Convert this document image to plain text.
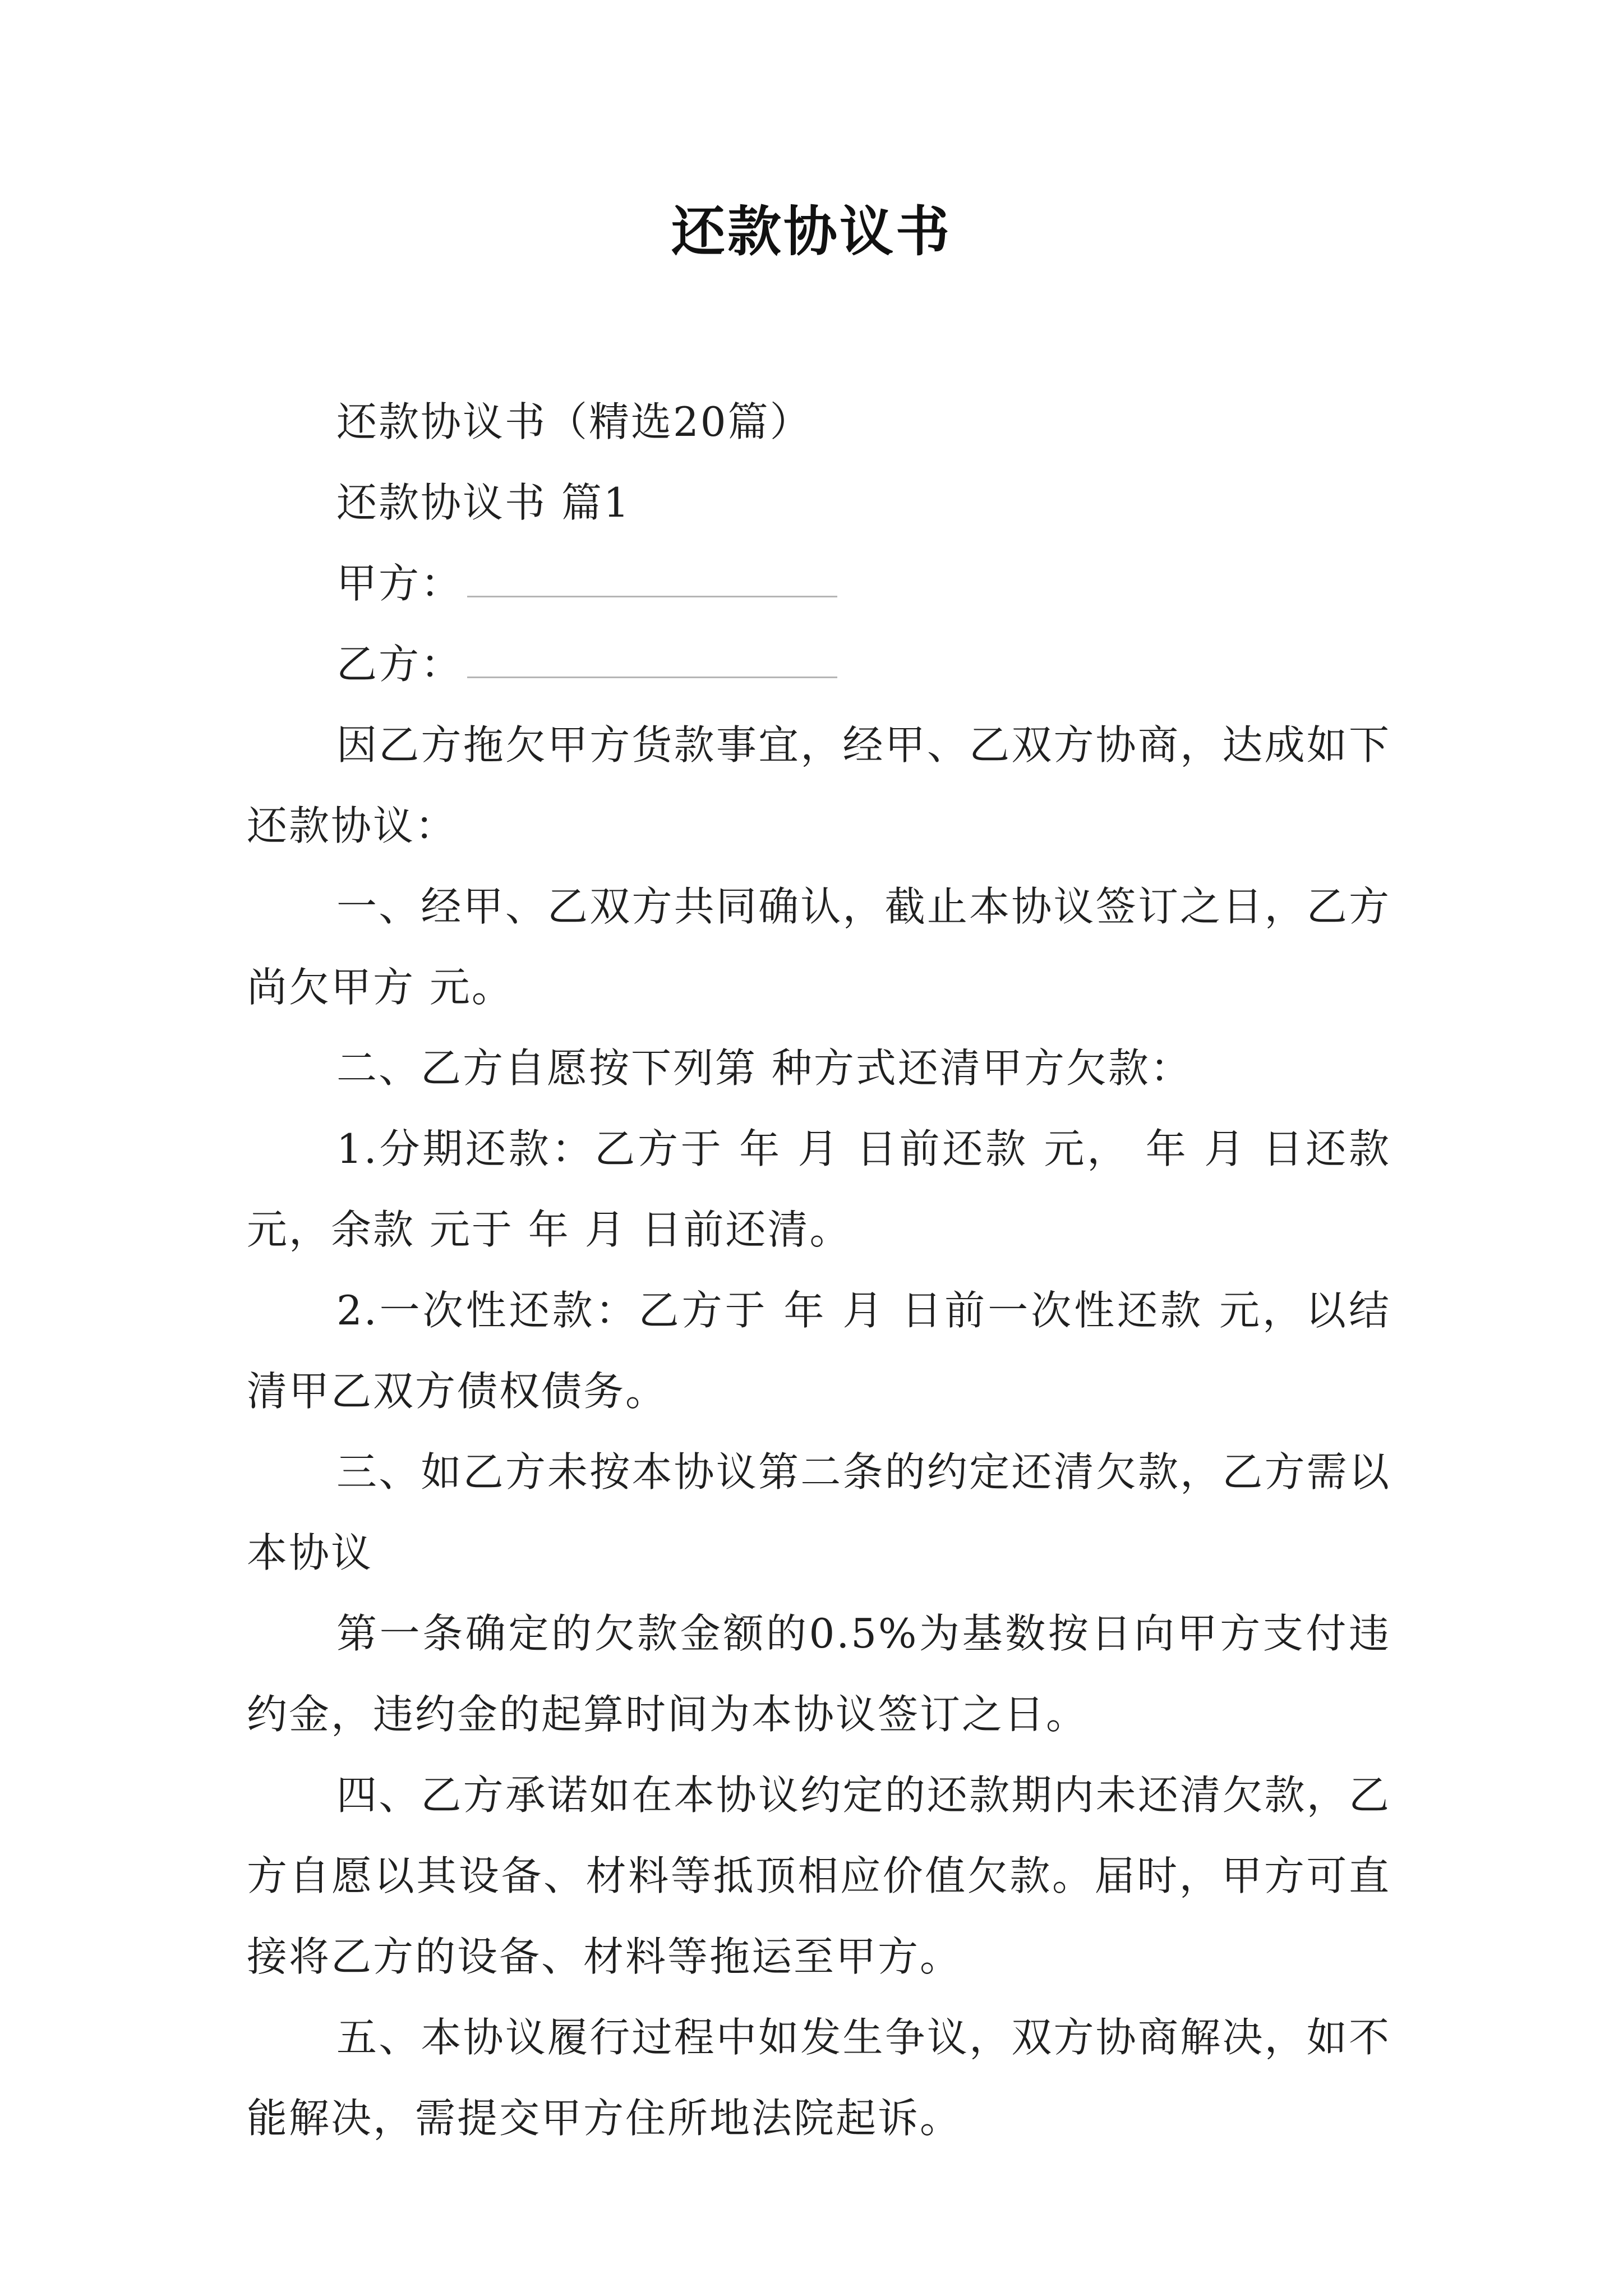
还款协议书

还款协议书（精选20篇）

还款协议书 篇1

甲方：

乙方：

因乙方拖欠甲方货款事宜，经甲、乙双方协商，达成如下还款协议：

一、经甲、乙双方共同确认，截止本协议签订之日，乙方尚欠甲方 元。

二、乙方自愿按下列第 种方式还清甲方欠款：

1.分期还款：乙方于 年 月 日前还款 元， 年 月 日还款 元，余款 元于 年 月 日前还清。

2.一次性还款：乙方于 年 月 日前一次性还款 元，以结清甲乙双方债权债务。

三、如乙方未按本协议第二条的约定还清欠款，乙方需以本协议

第一条确定的欠款金额的0.5%为基数按日向甲方支付违约金，违约金的起算时间为本协议签订之日。

四、乙方承诺如在本协议约定的还款期内未还清欠款，乙方自愿以其设备、材料等抵顶相应价值欠款。届时，甲方可直接将乙方的设备、材料等拖运至甲方。

五、本协议履行过程中如发生争议，双方协商解决，如不能解决，需提交甲方住所地法院起诉。
